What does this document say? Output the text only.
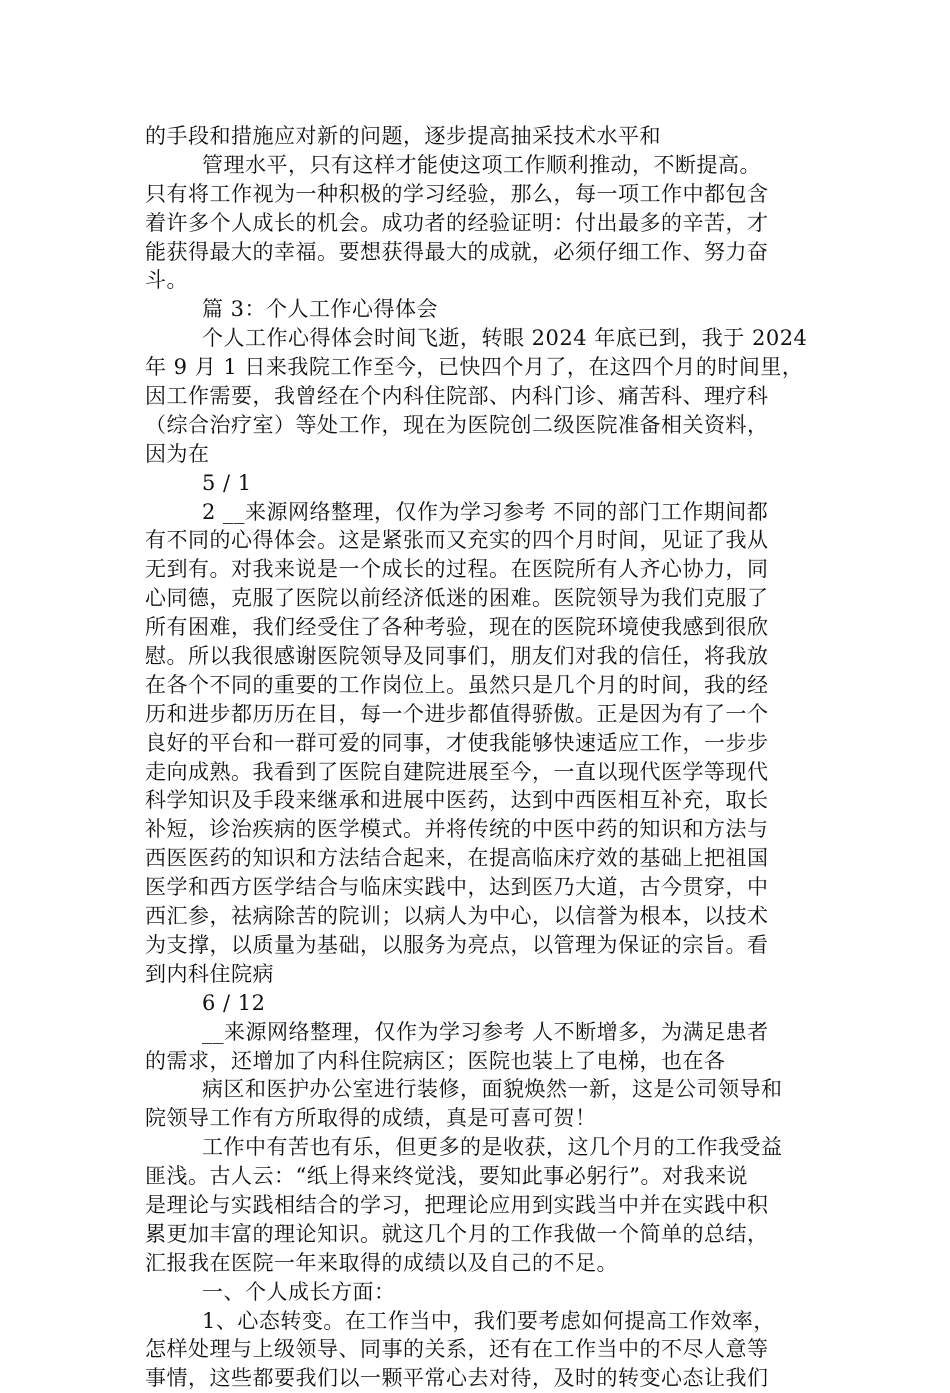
的手段和措施应对新的问题，逐步提高抽采技术水平和
管理水平，只有这样才能使这项工作顺利推动，不断提高。
只有将工作视为一种积极的学习经验，那么，每一项工作中都包含
着许多个人成长的机会。成功者的经验证明：付出最多的辛苦，才
能获得最大的幸福。要想获得最大的成就，必须仔细工作、努力奋
斗。
篇 3：个人工作心得体会
个人工作心得体会时间飞逝，转眼 2024 年底已到，我于 2024
年 9 月 1 日来我院工作至今，已快四个月了，在这四个月的时间里，
因工作需要，我曾经在个内科住院部、内科门诊、痛苦科、理疗科
（综合治疗室）等处工作，现在为医院创二级医院准备相关资料，
因为在
5 / 1
2 __来源网络整理，仅作为学习参考 不同的部门工作期间都
有不同的心得体会。这是紧张而又充实的四个月时间，见证了我从
无到有。对我来说是一个成长的过程。在医院所有人齐心协力，同
心同德，克服了医院以前经济低迷的困难。医院领导为我们克服了
所有困难，我们经受住了各种考验，现在的医院环境使我感到很欣
慰。所以我很感谢医院领导及同事们，朋友们对我的信任，将我放
在各个不同的重要的工作岗位上。虽然只是几个月的时间，我的经
历和进步都历历在目，每一个进步都值得骄傲。正是因为有了一个
良好的平台和一群可爱的同事，才使我能够快速适应工作，一步步
走向成熟。我看到了医院自建院进展至今，一直以现代医学等现代
科学知识及手段来继承和进展中医药，达到中西医相互补充，取长
补短，诊治疾病的医学模式。并将传统的中医中药的知识和方法与
西医医药的知识和方法结合起来，在提高临床疗效的基础上把祖国
医学和西方医学结合与临床实践中，达到医乃大道，古今贯穿，中
西汇参，祛病除苦的院训；以病人为中心，以信誉为根本，以技术
为支撑，以质量为基础，以服务为亮点，以管理为保证的宗旨。看
到内科住院病
6 / 12
__来源网络整理，仅作为学习参考 人不断增多，为满足患者
的需求，还增加了内科住院病区；医院也装上了电梯，也在各
病区和医护办公室进行装修，面貌焕然一新，这是公司领导和
院领导工作有方所取得的成绩，真是可喜可贺！
工作中有苦也有乐，但更多的是收获，这几个月的工作我受益
匪浅。古人云：“纸上得来终觉浅，要知此事必躬行”。对我来说
是理论与实践相结合的学习，把理论应用到实践当中并在实践中积
累更加丰富的理论知识。就这几个月的工作我做一个简单的总结，
汇报我在医院一年来取得的成绩以及自己的不足。
一、个人成长方面：
1、心态转变。在工作当中，我们要考虑如何提高工作效率，
怎样处理与上级领导、同事的关系，还有在工作当中的不尽人意等
事情，这些都要我们以一颗平常心去对待，及时的转变心态让我们
